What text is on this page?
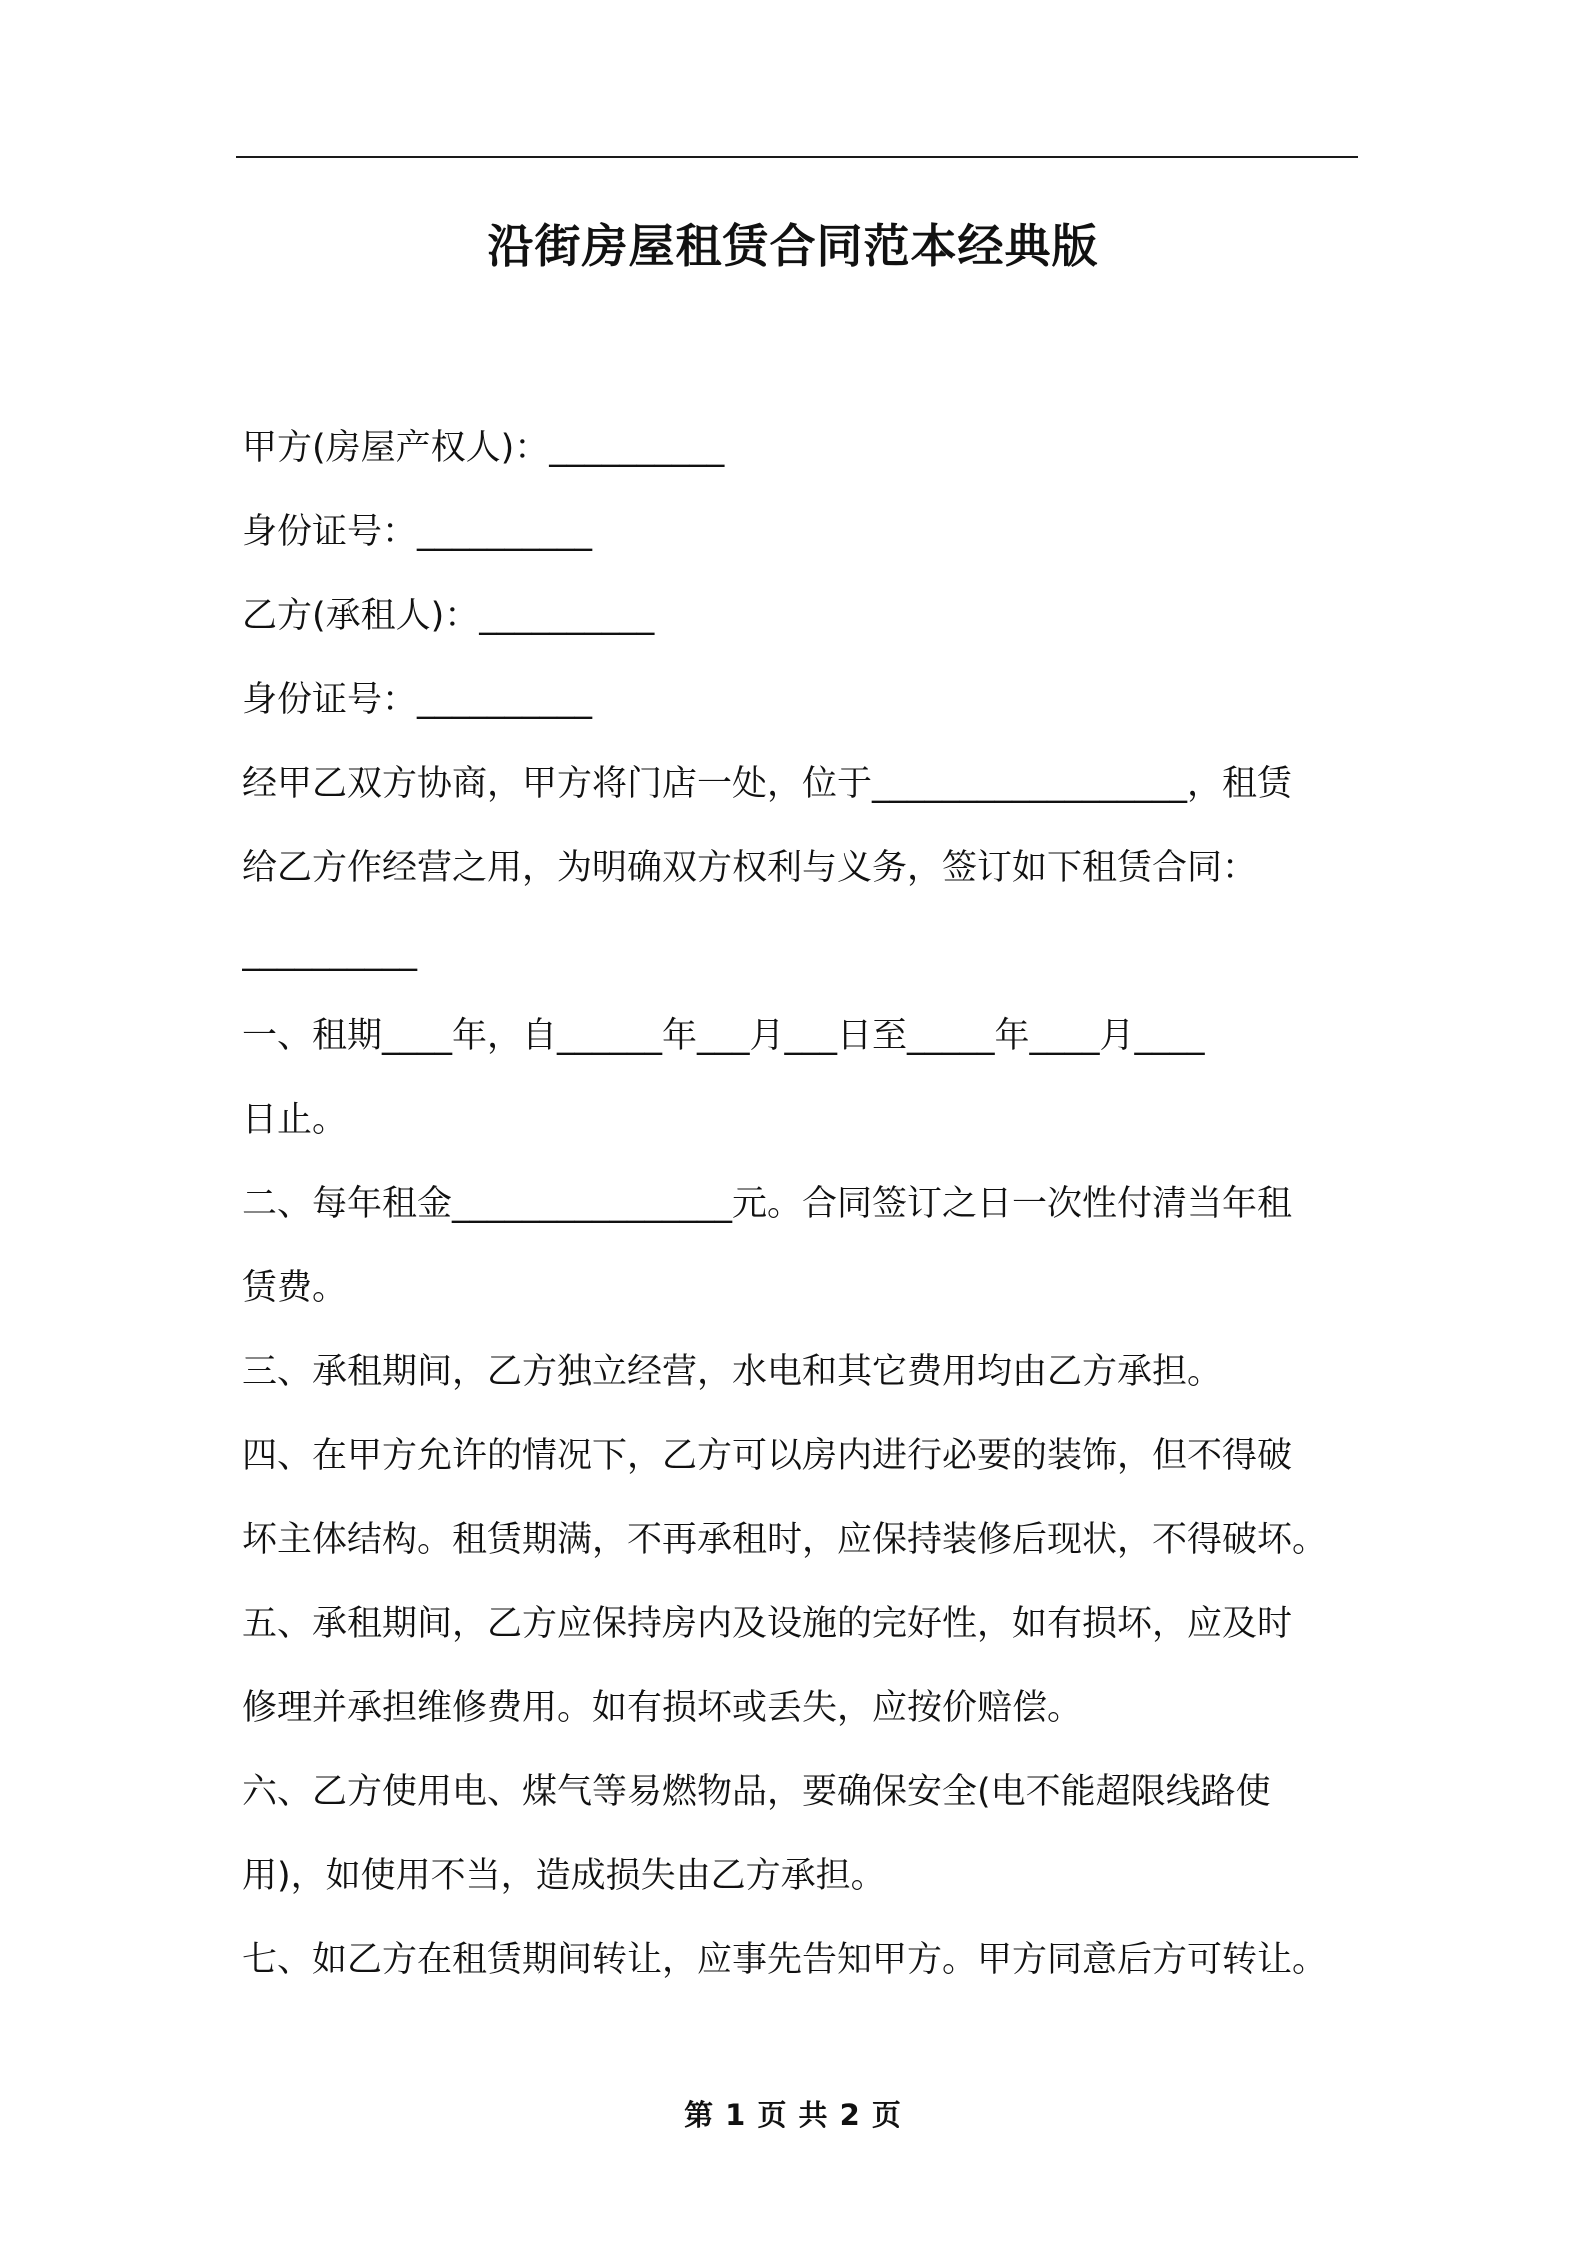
沿街房屋租赁合同范本经典版
甲方(房屋产权人)：__________
身份证号：__________
乙方(承租人)：__________
身份证号：__________
经甲乙双方协商，甲方将门店一处，位于__________________，租赁
给乙方作经营之用，为明确双方权利与义务，签订如下租赁合同：
__________
一、租期____年，自______年___月___日至_____年____月____
日止。
二、每年租金________________元。合同签订之日一次性付清当年租
赁费。
三、承租期间，乙方独立经营，水电和其它费用均由乙方承担。
四、在甲方允许的情况下，乙方可以房内进行必要的装饰，但不得破
坏主体结构。租赁期满，不再承租时，应保持装修后现状，不得破坏。
五、承租期间，乙方应保持房内及设施的完好性，如有损坏，应及时
修理并承担维修费用。如有损坏或丢失，应按价赔偿。
六、乙方使用电、煤气等易燃物品，要确保安全(电不能超限线路使
用)，如使用不当，造成损失由乙方承担。
七、如乙方在租赁期间转让，应事先告知甲方。甲方同意后方可转让。
第 1 页 共 2 页
